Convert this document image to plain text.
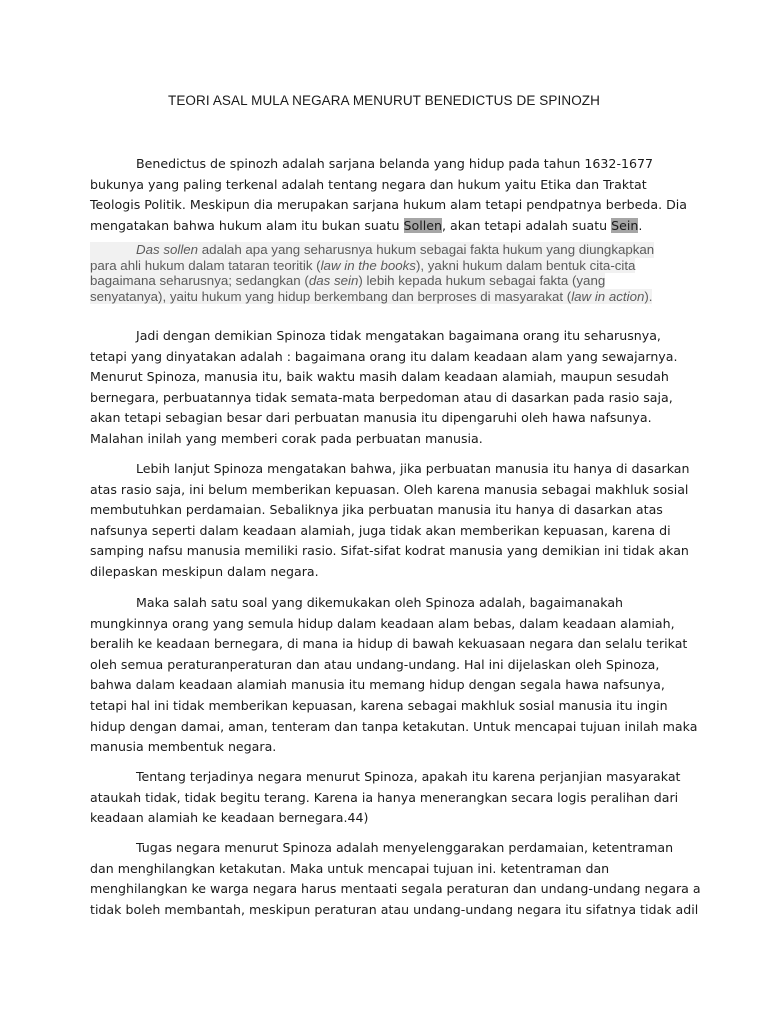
TEORI ASAL MULA NEGARA MENURUT BENEDICTUS DE SPINOZH
Benedictus de spinozh adalah sarjana belanda yang hidup pada tahun 1632-1677
bukunya yang paling terkenal adalah tentang negara dan hukum yaitu Etika dan Traktat
Teologis Politik. Meskipun dia merupakan sarjana hukum alam tetapi pendpatnya berbeda. Dia
mengatakan bahwa hukum alam itu bukan suatu Sollen, akan tetapi adalah suatu Sein.
Das sollen adalah apa yang seharusnya hukum sebagai fakta hukum yang diungkapkan
para ahli hukum dalam tataran teoritik (law in the books), yakni hukum dalam bentuk cita-cita
bagaimana seharusnya; sedangkan (das sein) lebih kepada hukum sebagai fakta (yang
senyatanya), yaitu hukum yang hidup berkembang dan berproses di masyarakat (law in action).
Jadi dengan demikian Spinoza tidak mengatakan bagaimana orang itu seharusnya,
tetapi yang dinyatakan adalah : bagaimana orang itu dalam keadaan alam yang sewajarnya.
Menurut Spinoza, manusia itu, baik waktu masih dalam keadaan alamiah, maupun sesudah
bernegara, perbuatannya tidak semata-mata berpedoman atau di dasarkan pada rasio saja,
akan tetapi sebagian besar dari perbuatan manusia itu dipengaruhi oleh hawa nafsunya.
Malahan inilah yang memberi corak pada perbuatan manusia.
Lebih lanjut Spinoza mengatakan bahwa, jika perbuatan manusia itu hanya di dasarkan
atas rasio saja, ini belum memberikan kepuasan. Oleh karena manusia sebagai makhluk sosial
membutuhkan perdamaian. Sebaliknya jika perbuatan manusia itu hanya di dasarkan atas
nafsunya seperti dalam keadaan alamiah, juga tidak akan memberikan kepuasan, karena di
samping nafsu manusia memiliki rasio. Sifat-sifat kodrat manusia yang demikian ini tidak akan
dilepaskan meskipun dalam negara.
Maka salah satu soal yang dikemukakan oleh Spinoza adalah, bagaimanakah
mungkinnya orang yang semula hidup dalam keadaan alam bebas, dalam keadaan alamiah,
beralih ke keadaan bernegara, di mana ia hidup di bawah kekuasaan negara dan selalu terikat
oleh semua peraturanperaturan dan atau undang-undang. Hal ini dijelaskan oleh Spinoza,
bahwa dalam keadaan alamiah manusia itu memang hidup dengan segala hawa nafsunya,
tetapi hal ini tidak memberikan kepuasan, karena sebagai makhluk sosial manusia itu ingin
hidup dengan damai, aman, tenteram dan tanpa ketakutan. Untuk mencapai tujuan inilah maka
manusia membentuk negara.
Tentang terjadinya negara menurut Spinoza, apakah itu karena perjanjian masyarakat
ataukah tidak, tidak begitu terang. Karena ia hanya menerangkan secara logis peralihan dari
keadaan alamiah ke keadaan bernegara.44)
Tugas negara menurut Spinoza adalah menyelenggarakan perdamaian, ketentraman
dan menghilangkan ketakutan. Maka untuk mencapai tujuan ini. ketentraman dan
menghilangkan ke warga negara harus mentaati segala peraturan dan undang-undang negara a
tidak boleh membantah, meskipun peraturan atau undang-undang negara itu sifatnya tidak adil
